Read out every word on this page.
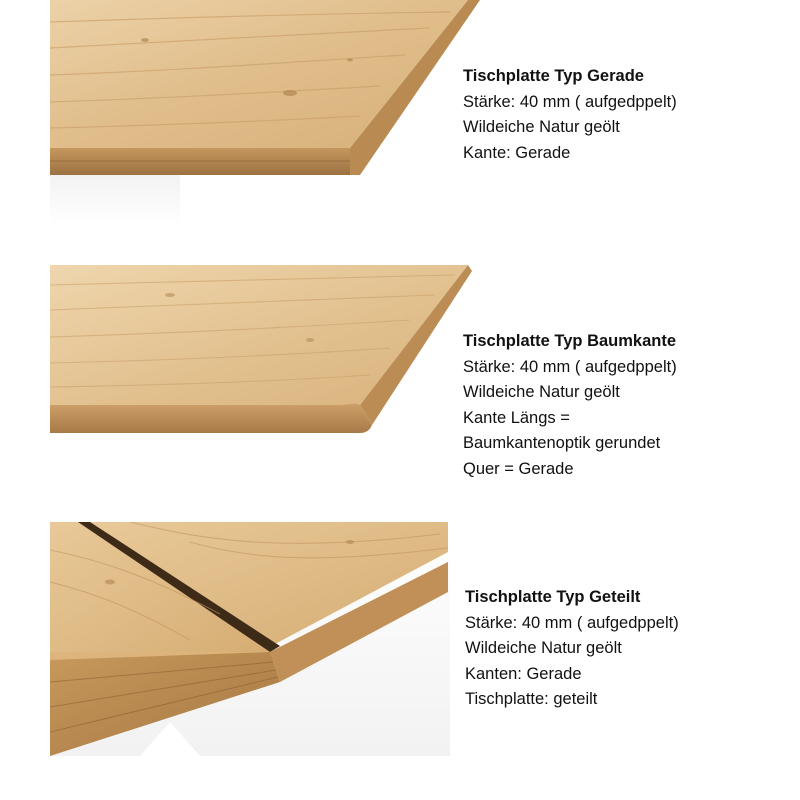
Tischplatte Typ Gerade
Stärke: 40 mm ( aufgedppelt)
Wildeiche Natur geölt
Kante: Gerade
Tischplatte Typ Baumkante
Stärke: 40 mm ( aufgedppelt)
Wildeiche Natur geölt
Kante Längs =
Baumkantenoptik gerundet
Quer = Gerade
Tischplatte Typ Geteilt
Stärke: 40 mm ( aufgedppelt)
Wildeiche Natur geölt
Kanten: Gerade
Tischplatte: geteilt
